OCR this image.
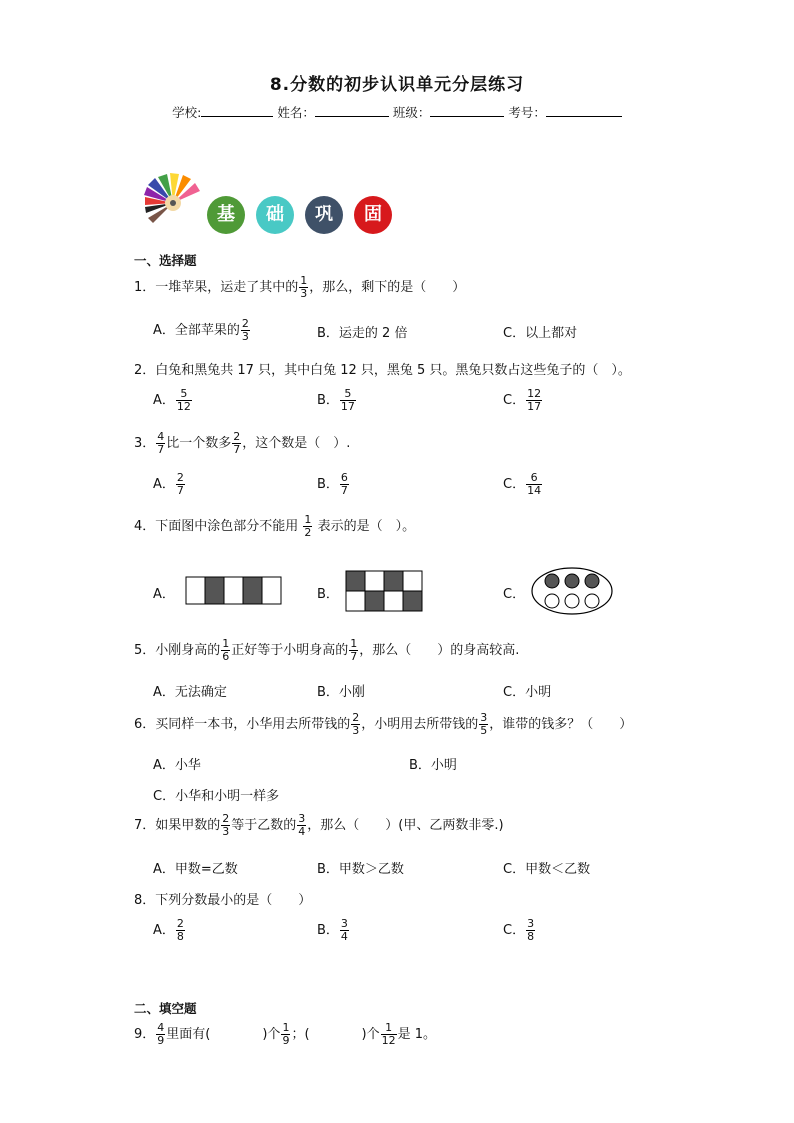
8.分数的初步认识单元分层练习
学校:	姓名：	班级：	考号：
基	础	巩	固
一、选择题
1．一堆苹果，运走了其中的 $\frac{1}{3}$ ，那么，剩下的是（　　）
A．全部苹果的 $\frac{2}{3}$	B．运走的 2 倍	C．以上都对
2．白兔和黑兔共 17 只，其中白兔 12 只，黑兔 5 只。黑兔只数占这些兔子的（　）。
A． $\frac{5}{12}$	B． $\frac{5}{17}$	C． $\frac{12}{17}$
3． $\frac{4}{7}$ 比一个数多 $\frac{2}{7}$ ，这个数是（　）.
A． $\frac{2}{7}$	B． $\frac{6}{7}$	C． $\frac{6}{14}$
4．下面图中涂色部分不能用 $\frac{1}{2}$ 表示的是（　）。
A．	B．	C．
5．小刚身高的 $\frac{1}{6}$ 正好等于小明身高的 $\frac{1}{7}$ ，那么（　　）的身高较高.
A．无法确定	B．小刚	C．小明
6．买同样一本书，小华用去所带钱的 $\frac{2}{3}$ ，小明用去所带钱的 $\frac{3}{5}$ ，谁带的钱多？（　　）
A．小华	B．小明
C．小华和小明一样多
7．如果甲数的 $\frac{2}{3}$ 等于乙数的 $\frac{3}{4}$ ，那么（　　）(甲、乙两数非零.)
A．甲数=乙数	B．甲数＞乙数	C．甲数＜乙数
8．下列分数最小的是（　　）
A． $\frac{2}{8}$	B． $\frac{3}{4}$	C． $\frac{3}{8}$
二、填空题
9． $\frac{4}{9}$ 里面有(　　　　)个 $\frac{1}{9}$ ；(　　　　)个 $\frac{1}{12}$ 是 1。
